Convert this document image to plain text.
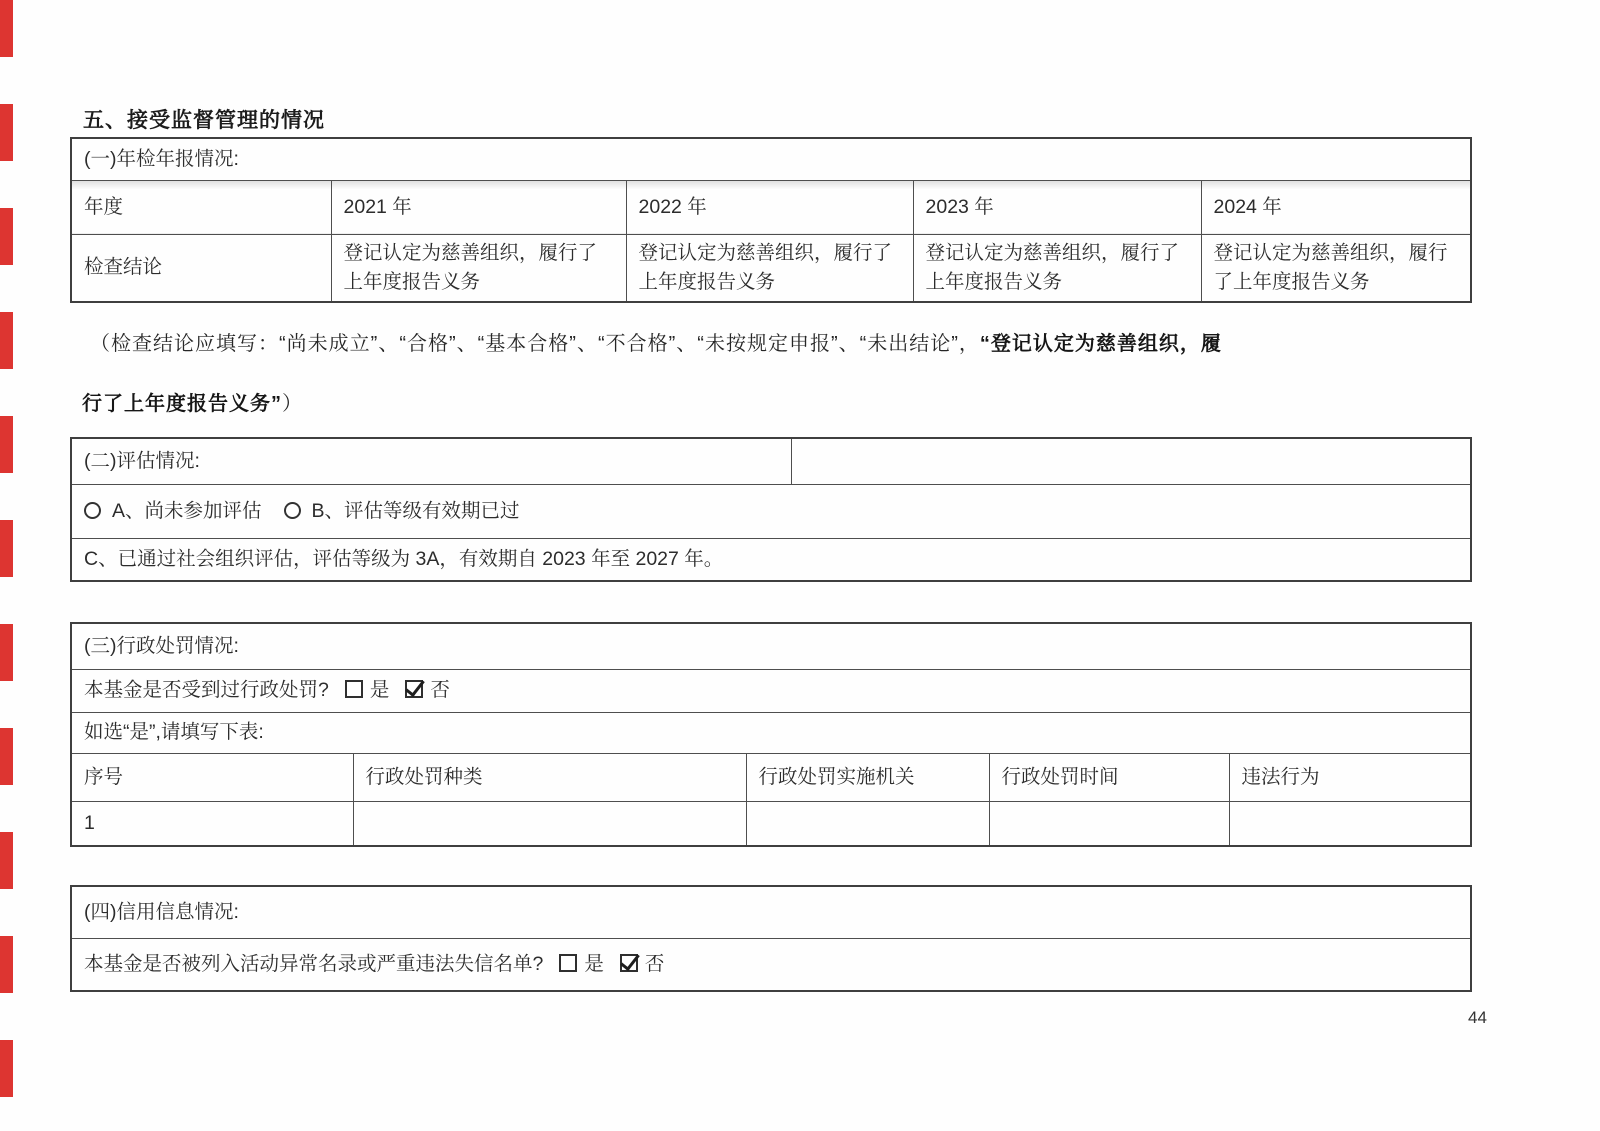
五、接受监督管理的情况
(一)年检年报情况:				
年度	2021 年	2022 年	2023 年	2024 年
检查结论	登记认定为慈善组织，履行了上年度报告义务	登记认定为慈善组织，履行了上年度报告义务	登记认定为慈善组织，履行了上年度报告义务	登记认定为慈善组织，履行了上年度报告义务
（检查结论应填写：“尚未成立”、“合格”、“基本合格”、“不合格”、“未按规定申报”、“未出结论”，“登记认定为慈善组织，履
行了上年度报告义务”）
(二)评估情况:	
A、尚未参加评估	B、评估等级有效期已过
C、已通过社会组织评估，评估等级为 3A，有效期自 2023 年至 2027 年。
(三)行政处罚情况:				
本基金是否受到过行政处罚? 是 否				
如选“是”,请填写下表:				
序号	行政处罚种类	行政处罚实施机关	行政处罚时间	违法行为
1				
(四)信用信息情况:
本基金是否被列入活动异常名录或严重违法失信名单? 是 否
44
